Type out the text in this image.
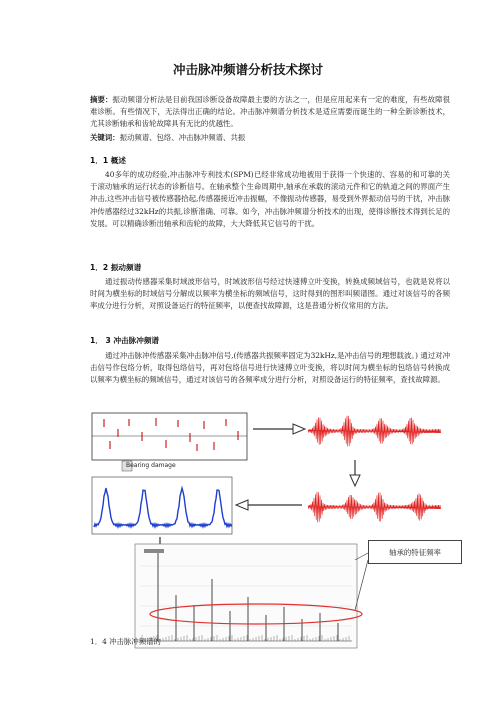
冲击脉冲频谱分析技术探讨
摘要：振动频谱分析法是目前我国诊断设备故障最主要的方法之一，但是应用起来有一定的难度，有些故障很难诊断。有些情况下，无法得出正确的结论。冲击脉冲频谱分析技术是适应需要而诞生的一种全新诊断技术，尤其诊断轴承和齿轮故障具有无比的优越性。
关键词：振动频谱、包络、冲击脉冲频谱、共振
1．1 概述
40多年的成功经验,冲击脉冲专利技术(SPM)已经非常成功地被用于获得一个快速的、容易的和可靠的关于滚动轴承的运行状态的诊断信号。在轴承整个生命周期中,轴承在承载的滚动元件和它的轨道之间的界面产生冲击,这些冲击信号被传感器拾起,传感器接近冲击振幅，不像振动传感器，易受到外界振动信号的干扰，冲击脉冲传感器经过32kHz的共振,诊断准确、可靠。如今，冲击脉冲频谱分析技术的出现，使得诊断技术得到长足的发展。可以精确诊断出轴承和齿轮的故障，大大降低其它信号的干扰。
1．2 振动频谱
通过振动传感器采集时域波形信号，时域波形信号经过快速傅立叶变换，转换成频域信号，也就是说将以时间为横坐标的时域信号分解成以频率为横坐标的频域信号，这时得到的图形叫频谱图。通过对该信号的各频率成分进行分析，对照设备运行的特征频率，以便查找故障源，这是普通分析仪常用的方法。
1． 3 冲击脉冲频谱
通过冲击脉冲传感器采集冲击脉冲信号,(传感器共振频率固定为32kHz,是冲击信号的理想载波。) 通过对冲击信号作包络分析，取得包络信号，再对包络信号进行快速傅立叶变换，将以时间为横坐标的包络信号转换成以频率为横坐标的频域信号，通过对该信号的各频率成分进行分析，对照设备运行的特征频率，查找故障源。
Bearing damage
轴承的特征频率
1．4 冲击脉冲频谱的
